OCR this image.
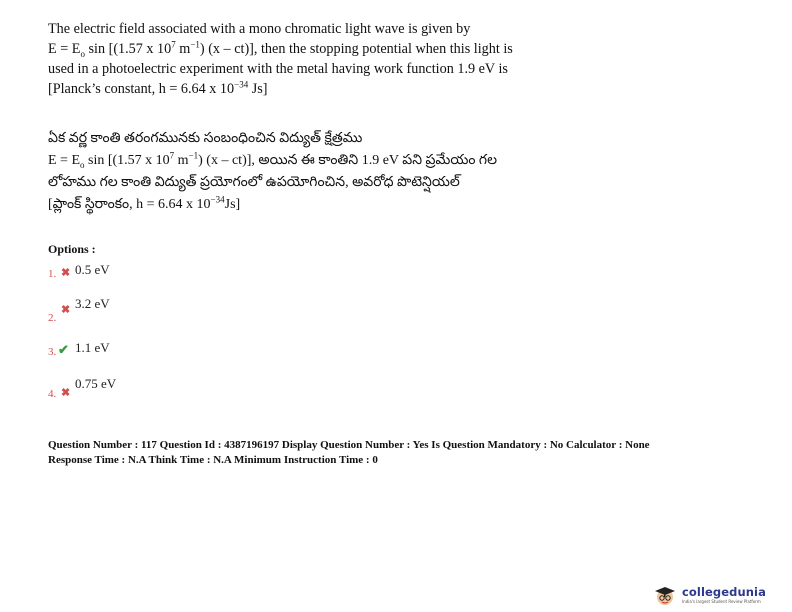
The electric field associated with a mono chromatic light wave is given by
$E = E_o$ sin [(1.57 x $10^7$ $m^{-1}$) (x – ct)], then the stopping potential when this light is
used in a photoelectric experiment with the metal having work function 1.9 eV is
[Planck’s constant, h = 6.64 x $10^{-34}$ Js]
ఏక వర్ణ కాంతి తరంగమునకు సంబంధించిన విద్యుత్ క్షేత్రము
$E = E_o$ sin [(1.57 x $10^7$ $m^{-1}$) (x – ct)], అయిన ఈ కాంతిని 1.9 eV పని ప్రమేయం గల
లోహము గల కాంతి విద్యుత్ ప్రయోగంలో ఉపయోగించిన, అవరోధ పొటెన్షియల్
[ప్లాంక్ స్థిరాంకం, h = 6.64 x $10^{-34}Js$]
Options :
1. ✖ 0.5 eV
2.
✖ 3.2 eV
3. ✔ 1.1 eV
4. ✖
0.75 eV
Question Number : 117 Question Id : 4387196197 Display Question Number : Yes Is Question Mandatory : No Calculator : None
Response Time : N.A Think Time : N.A Minimum Instruction Time : 0
collegedunia
India's largest Student Review Platform
